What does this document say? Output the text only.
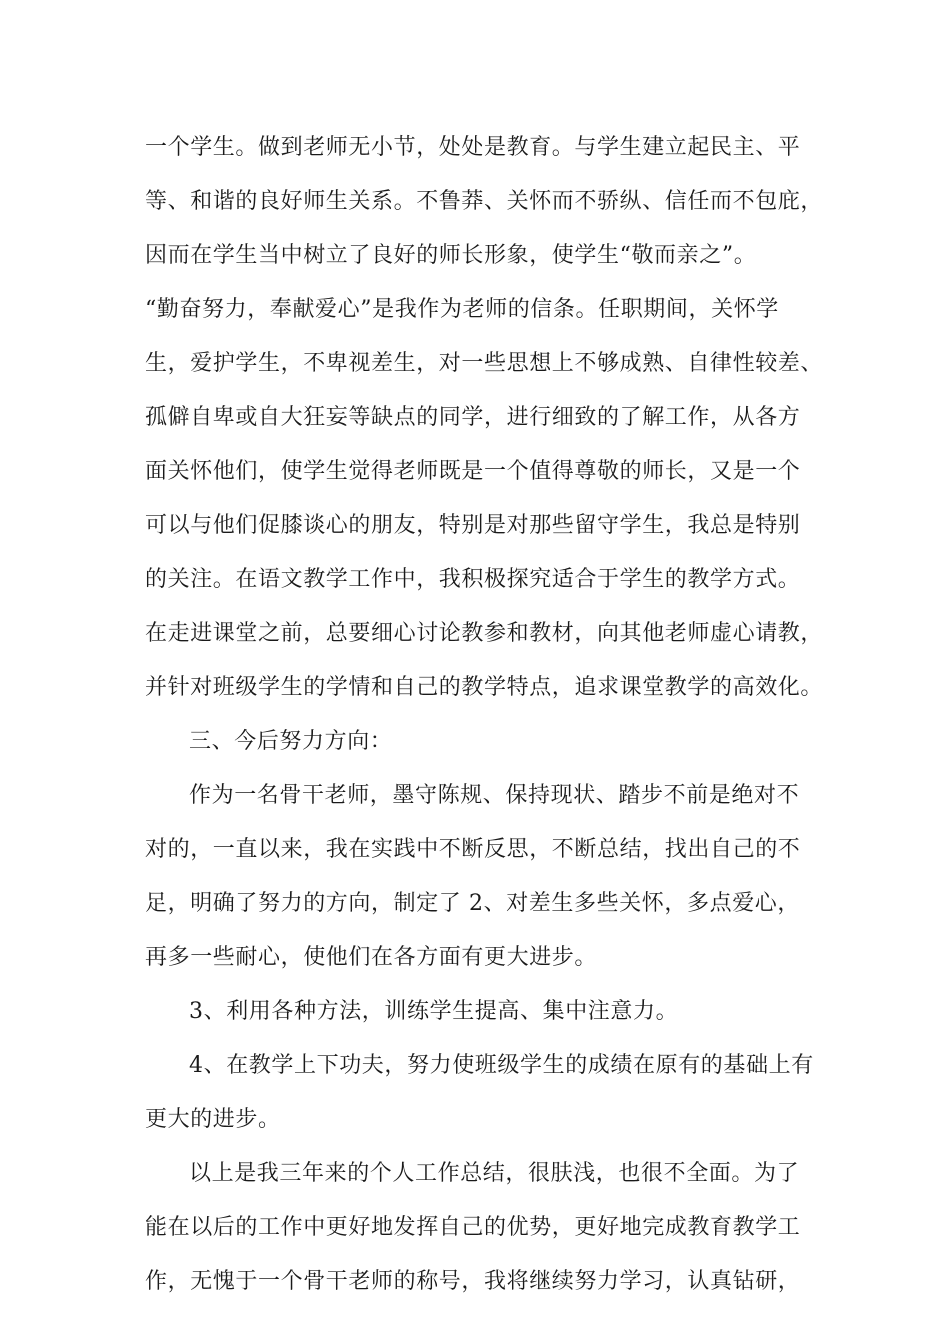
一个学生。做到老师无小节，处处是教育。与学生建立起民主、平
等、和谐的良好师生关系。不鲁莽、关怀而不骄纵、信任而不包庇，
因而在学生当中树立了良好的师长形象，使学生“敬而亲之”。
“勤奋努力，奉献爱心”是我作为老师的信条。任职期间，关怀学
生，爱护学生，不卑视差生，对一些思想上不够成熟、自律性较差、
孤僻自卑或自大狂妄等缺点的同学，进行细致的了解工作，从各方
面关怀他们，使学生觉得老师既是一个值得尊敬的师长，又是一个
可以与他们促膝谈心的朋友，特别是对那些留守学生，我总是特别
的关注。在语文教学工作中，我积极探究适合于学生的教学方式。
在走进课堂之前，总要细心讨论教参和教材，向其他老师虚心请教，
并针对班级学生的学情和自己的教学特点，追求课堂教学的高效化。
三、今后努力方向：
作为一名骨干老师，墨守陈规、保持现状、踏步不前是绝对不
对的，一直以来，我在实践中不断反思，不断总结，找出自己的不
足，明确了努力的方向，制定了 2、对差生多些关怀，多点爱心，
再多一些耐心，使他们在各方面有更大进步。
3、利用各种方法，训练学生提高、集中注意力。
4、在教学上下功夫，努力使班级学生的成绩在原有的基础上有
更大的进步。
以上是我三年来的个人工作总结，很肤浅，也很不全面。为了
能在以后的工作中更好地发挥自己的优势，更好地完成教育教学工
作，无愧于一个骨干老师的称号，我将继续努力学习，认真钻研，
